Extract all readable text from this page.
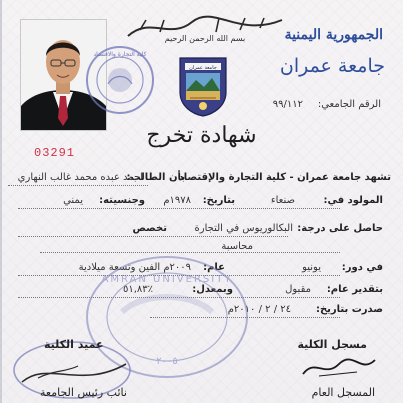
بسم الله الرحمن الرحيم
كلية التجارة والاقتصاد
جامعة عمران
الجمهورية اليمنية
جامعة عمران
الرقم الجامعي:
٩٩/١١٢
شهادة تخرج
03291
تشهد جامعة عمران - كلية التجارة والإقتصاد
بأن الطالب:
احمد عبده محمد غالب النهاري
المولود في:
صنعاء
بتاريخ:
١٩٧٨م
وجنسيته:
يمني
حاصل على درجة:
البكالوريوس في التجارة
تخصص
محاسبة
في دور:
يونيو
عام:
٢٠٠٩م الفين وتسعة ميلادية
بتقدير عام:
مقبول
وبمعدل:
٥١,٨٣٪
صدرت بتاريخ:
٢٤ / ٢ / ٢٠١٠م
AMRAN UNIVERSITY
٢٠٠٥
عميد الكلية	مسجل الكلية
نائب رئيس الجامعة	المسجل العام
